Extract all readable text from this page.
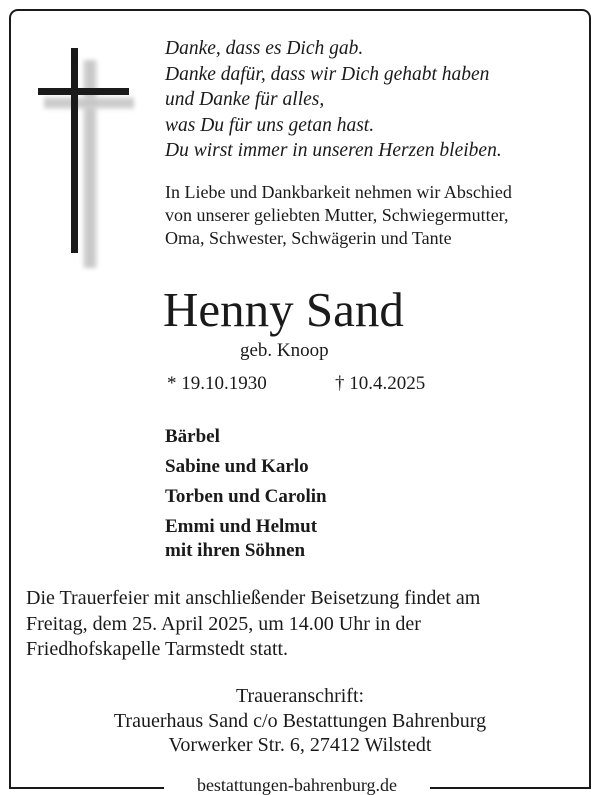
Danke, dass es Dich gab.
Danke dafür, dass wir Dich gehabt haben
und Danke für alles,
was Du für uns getan hast.
Du wirst immer in unseren Herzen bleiben.
In Liebe und Dankbarkeit nehmen wir Abschied
von unserer geliebten Mutter, Schwiegermutter,
Oma, Schwester, Schwägerin und Tante
Henny Sand
geb. Knoop
* 19.10.1930	† 10.4.2025
Bärbel
Sabine und Karlo
Torben und Carolin
Emmi und Helmut
mit ihren Söhnen
Die Trauerfeier mit anschließender Beisetzung findet am
Freitag, dem 25. April 2025, um 14.00 Uhr in der
Friedhofskapelle Tarmstedt statt.
Traueranschrift:
Trauerhaus Sand c/o Bestattungen Bahrenburg
Vorwerker Str. 6, 27412 Wilstedt
bestattungen-bahrenburg.de
